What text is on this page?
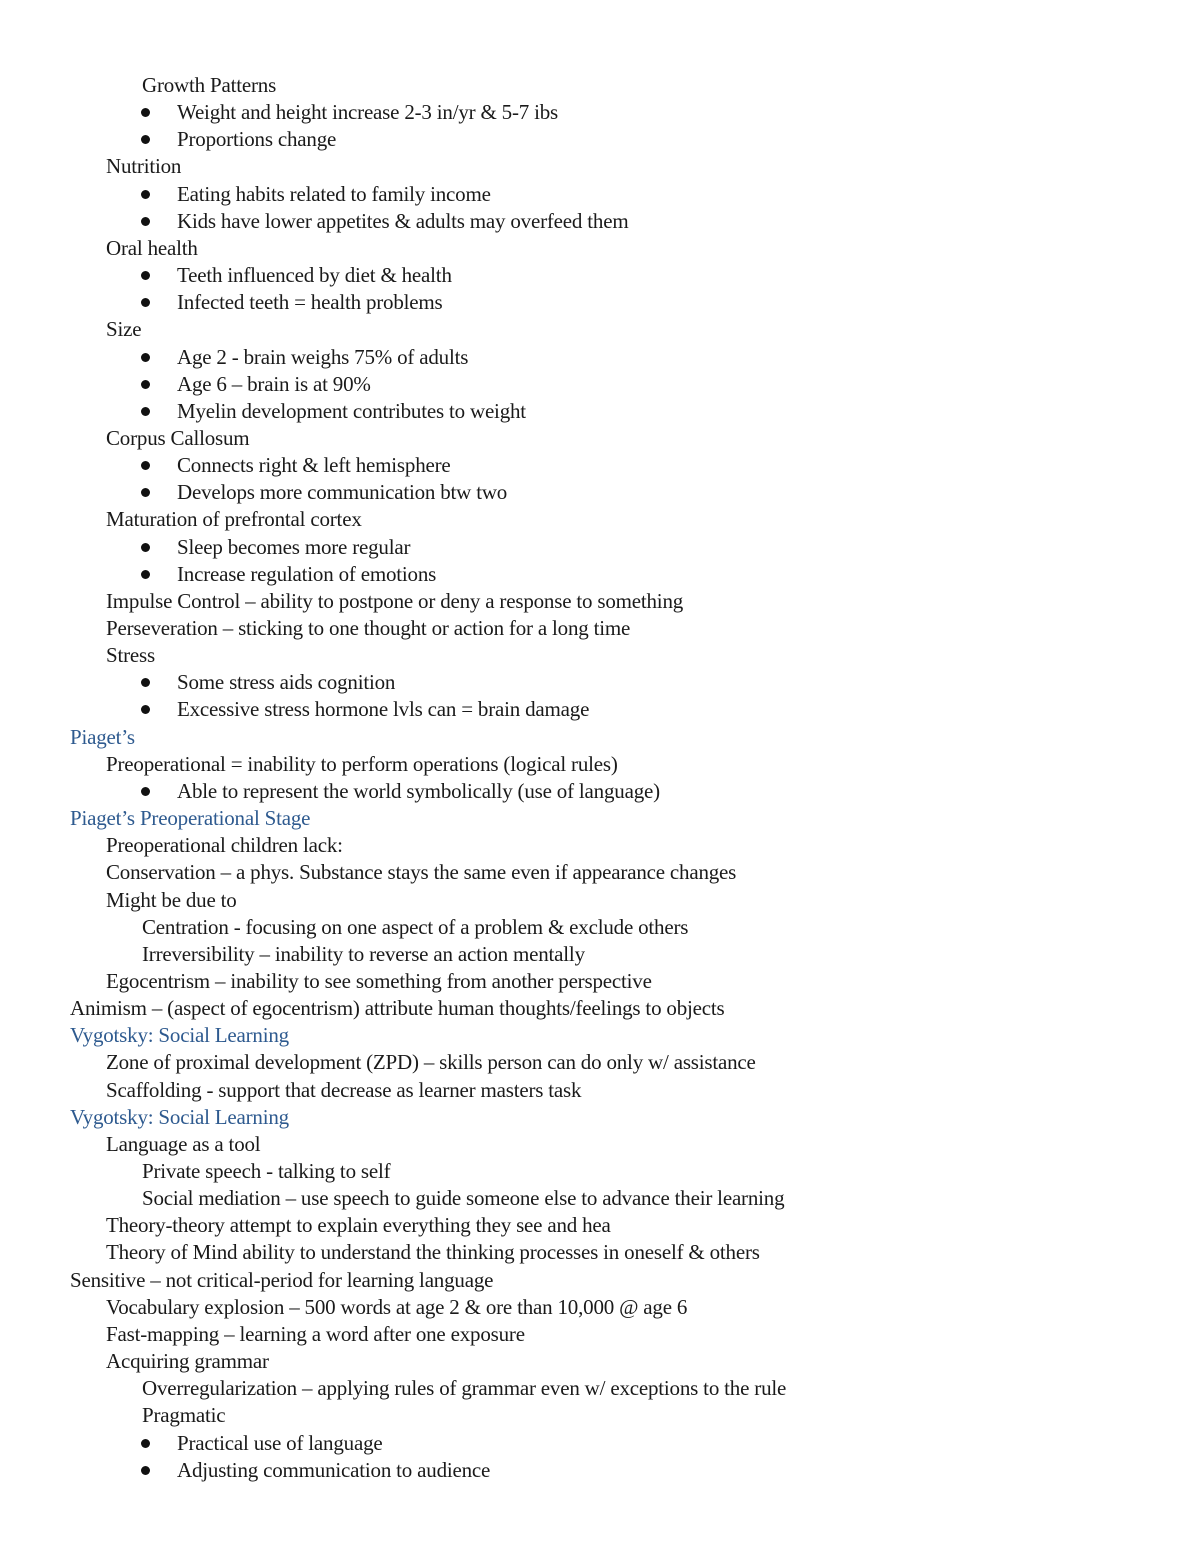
Growth Patterns
Weight and height increase 2-3 in/yr & 5-7 ibs
Proportions change
Nutrition
Eating habits related to family income
Kids have lower appetites & adults may overfeed them
Oral health
Teeth influenced by diet & health
Infected teeth = health problems
Size
Age 2 - brain weighs 75% of adults
Age 6 – brain is at 90%
Myelin development contributes to weight
Corpus Callosum
Connects right & left hemisphere
Develops more communication btw two
Maturation of prefrontal cortex
Sleep becomes more regular
Increase regulation of emotions
Impulse Control – ability to postpone or deny a response to something
Perseveration – sticking to one thought or action for a long time
Stress
Some stress aids cognition
Excessive stress hormone lvls can = brain damage
Piaget’s
Preoperational = inability to perform operations (logical rules)
Able to represent the world symbolically (use of language)
Piaget’s Preoperational Stage
Preoperational children lack:
Conservation – a phys. Substance stays the same even if appearance changes
Might be due to
Centration - focusing on one aspect of a problem & exclude others
Irreversibility – inability to reverse an action mentally
Egocentrism – inability to see something from another perspective
Animism – (aspect of egocentrism) attribute human thoughts/feelings to objects
Vygotsky: Social Learning
Zone of proximal development (ZPD) – skills person can do only w/ assistance
Scaffolding - support that decrease as learner masters task
Vygotsky: Social Learning
Language as a tool
Private speech - talking to self
Social mediation – use speech to guide someone else to advance their learning
Theory-theory attempt to explain everything they see and hea
Theory of Mind ability to understand the thinking processes in oneself & others
Sensitive – not critical-period for learning language
Vocabulary explosion – 500 words at age 2 & ore than 10,000 @ age 6
Fast-mapping – learning a word after one exposure
Acquiring grammar
Overregularization – applying rules of grammar even w/ exceptions to the rule
Pragmatic
Practical use of language
Adjusting communication to audience
